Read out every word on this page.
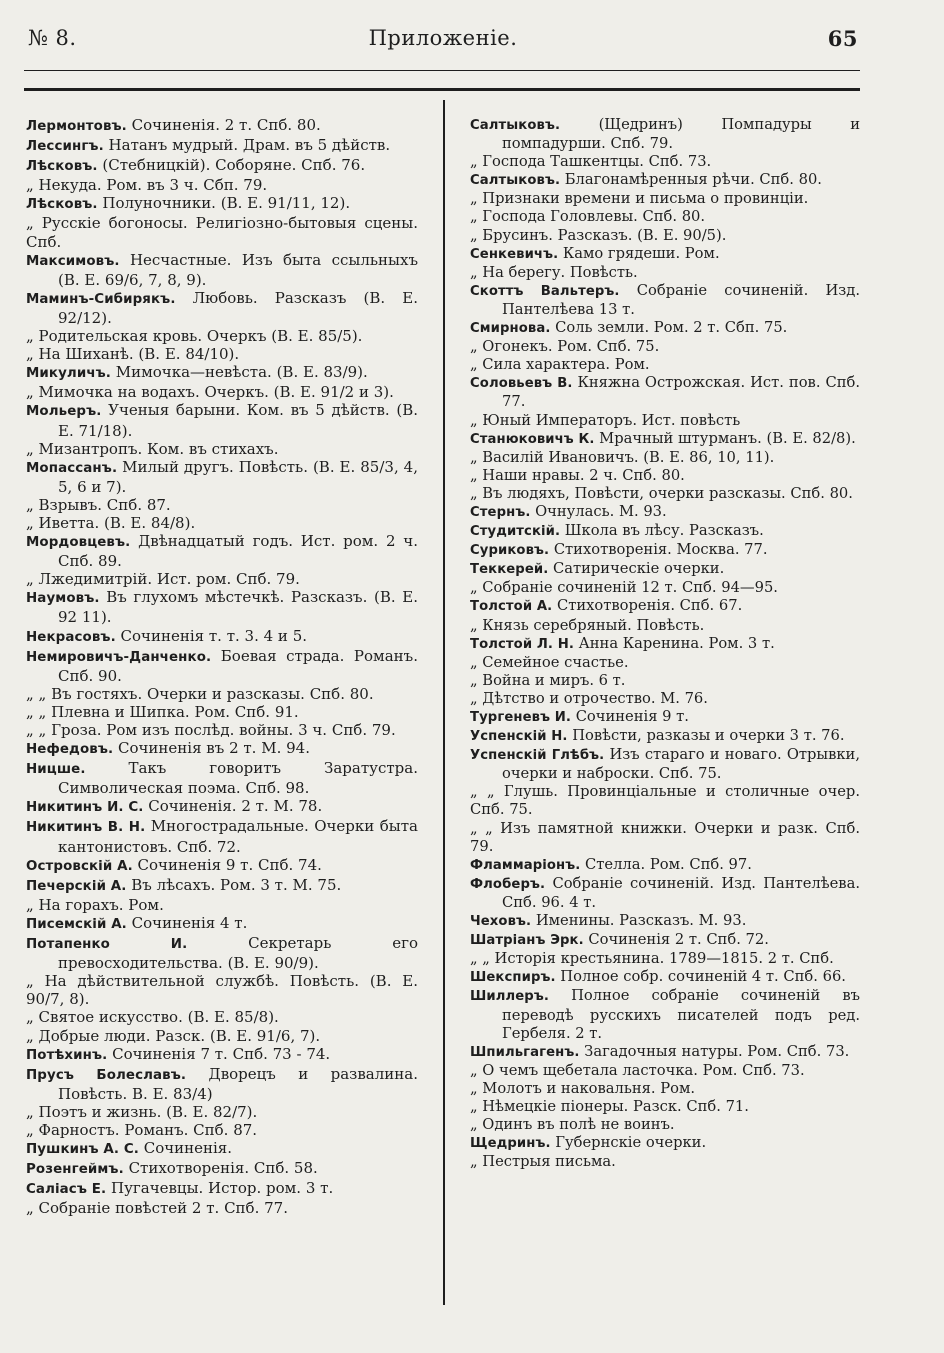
№ 8.	Приложеніе.	65
Лермонтовъ. Сочиненія. 2 т. Спб. 80.
Лессингъ. Натанъ мудрый. Драм. въ 5 дѣйств.
Лѣсковъ. (Стебницкій). Соборяне. Спб. 76.
„ Некуда. Ром. въ 3 ч. Сбп. 79.
Лѣсковъ. Полуночники. (В. Е. 91/11, 12).
„ Русскіе богоносы. Религіозно-бытовыя сцены. Спб.
Максимовъ. Несчастные. Изъ быта ссыльныхъ (В. Е. 69/6, 7, 8, 9).
Маминъ-Сибирякъ. Любовь. Разсказъ (В. Е. 92/12).
„ Родительская кровь. Очеркъ (В. Е. 85/5).
„ На Шиханѣ. (В. Е. 84/10).
Микуличъ. Мимочка—невѣста. (В. Е. 83/9).
„ Мимочка на водахъ. Очеркъ. (В. Е. 91/2 и 3).
Мольеръ. Ученыя барыни. Ком. въ 5 дѣйств. (В. Е. 71/18).
„ Мизантропъ. Ком. въ стихахъ.
Мопассанъ. Милый другъ. Повѣсть. (В. Е. 85/3, 4, 5, 6 и 7).
„ Взрывъ. Спб. 87.
„ Иветта. (В. Е. 84/8).
Мордовцевъ. Двѣнадцатый годъ. Ист. ром. 2 ч. Спб. 89.
„ Лжедимитрій. Ист. ром. Спб. 79.
Наумовъ. Въ глухомъ мѣстечкѣ. Разсказъ. (В. Е. 92 11).
Некрасовъ. Сочиненія т. т. 3. 4 и 5.
Немировичъ-Данченко. Боевая страда. Романъ. Спб. 90.
„ „ Въ гостяхъ. Очерки и разсказы. Спб. 80.
„ „ Плевна и Шипка. Ром. Спб. 91.
„ „ Гроза. Ром изъ послѣд. войны. 3 ч. Спб. 79.
Нефедовъ. Сочиненія въ 2 т. М. 94.
Ницше.	Такъ говоритъ Заратустра. Символическая поэма. Спб. 98.
Никитинъ И. С. Сочиненія. 2 т. М. 78.
Никитинъ В. Н. Многострадальные. Очерки быта кантонистовъ. Спб. 72.
Островскій А. Сочиненія 9 т. Спб. 74.
Печерскій А. Въ лѣсахъ. Ром. 3 т. М. 75.
„ На горахъ. Ром.
Писемскій А. Сочиненія 4 т.
Потапенко И.	Секретарь его превосходительства. (В. Е. 90/9).
„ На дѣйствительной службѣ. Повѣсть. (В. Е. 90/7, 8).
„ Святое искусство. (В. Е. 85/8).
„ Добрые люди. Разск. (В. Е. 91/6, 7).
Потѣхинъ. Сочиненія 7 т. Спб. 73 - 74.
Прусъ Болеславъ. Дворецъ и развалина. Повѣсть. В. Е. 83/4)
„ Поэтъ и жизнь. (В. Е. 82/7).
„ Фарностъ. Романъ. Спб. 87.
Пушкинъ А. С. Сочиненія.
Розенгеймъ. Стихотворенія. Спб. 58.
Саліасъ Е. Пугачевцы. Истор. ром. 3 т.
„ Собраніе повѣстей 2 т. Спб. 77.
Салтыковъ.	(Щедринъ) Помпадуры и помпадурши. Спб. 79.
„ Господа Ташкентцы. Спб. 73.
Салтыковъ. Благонамѣренныя рѣчи. Спб. 80.
„ Признаки времени и письма о провинціи.
„ Господа Головлевы. Спб. 80.
„ Брусинъ. Разсказъ. (В. Е. 90/5).
Сенкевичъ. Камо грядеши. Ром.
„ На берегу. Повѣсть.
Скоттъ Вальтеръ. Собраніе сочиненій. Изд. Пантелѣева 13 т.
Смирнова. Соль земли. Ром. 2 т. Сбп. 75.
„ Огонекъ. Ром. Спб. 75.
„ Сила характера. Ром.
Соловьевъ В. Княжна Острожская. Ист. пов. Спб. 77.
„ Юный Императоръ. Ист. повѣсть
Станюковичъ К. Мрачный штурманъ. (В. Е. 82/8).
„ Василій Ивановичъ. (В. Е. 86, 10, 11).
„ Наши нравы. 2 ч. Спб. 80.
„ Въ людяхъ, Повѣсти, очерки разсказы. Спб. 80.
Стернъ. Очнулась. М. 93.
Студитскій. Школа въ лѣсу. Разсказъ.
Суриковъ. Стихотворенія. Москва. 77.
Теккерей. Сатирическіе очерки.
„ Собраніе сочиненій 12 т. Спб. 94—95.
Толстой А. Стихотворенія. Спб. 67.
„ Князь серебряный. Повѣсть.
Толстой Л. Н. Анна Каренина. Ром. 3 т.
„ Семейное счастье.
„ Война и миръ. 6 т.
„ Дѣтство и отрочество. М. 76.
Тургеневъ И. Сочиненія 9 т.
Успенскій Н. Повѣсти, разказы и очерки 3 т. 76.
Успенскій Глѣбъ. Изъ стараго и новаго. Отрывки, очерки и наброски. Спб. 75.
„ „ Глушь. Провинціальные и столичные очер. Спб. 75.
„ „ Изъ памятной книжки. Очерки и разк. Спб. 79.
Фламмаріонъ. Стелла. Ром. Спб. 97.
Флоберъ. Собраніе сочиненій. Изд. Пантелѣева. Спб. 96. 4 т.
Чеховъ. Именины. Разсказъ. М. 93.
Шатріанъ Эрк. Сочиненія 2 т. Спб. 72.
„ „ Исторія крестьянина. 1789—1815. 2 т. Спб.
Шекспиръ. Полное собр. сочиненій 4 т. Спб. 66.
Шиллеръ. Полное собраніе сочиненій въ переводѣ русскихъ писателей подъ ред. Гербеля. 2 т.
Шпильгагенъ. Загадочныя натуры. Ром. Спб. 73.
„ О чемъ щебетала ласточка. Ром. Спб. 73.
„ Молотъ и наковальня. Ром.
„ Нѣмецкіе піонеры. Разск. Спб. 71.
„ Одинъ въ полѣ не воинъ.
Щедринъ. Губернскіе очерки.
„ Пестрыя письма.
